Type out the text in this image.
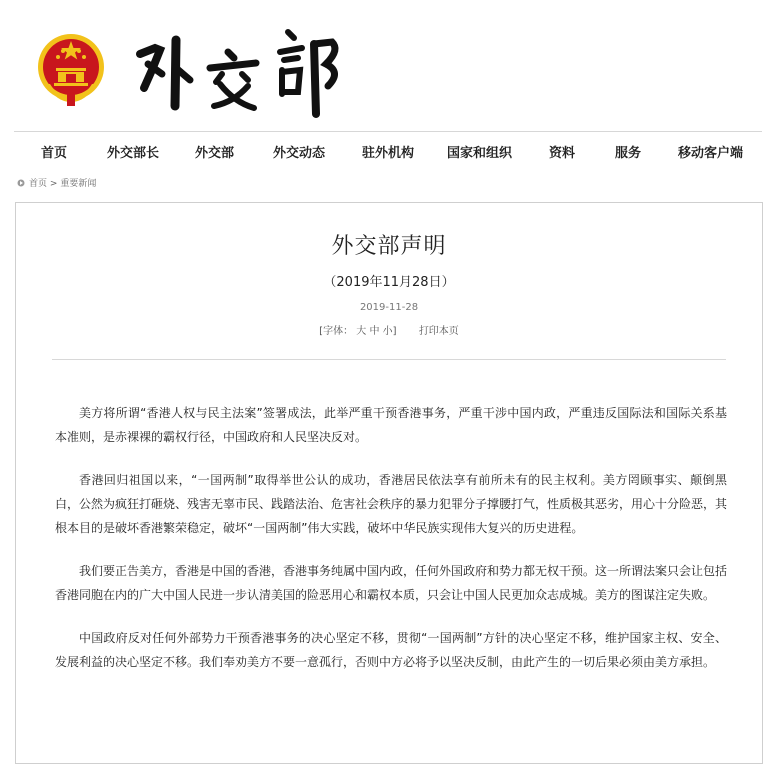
首页	外交部长	外交部	外交动态	驻外机构	国家和组织	资料	服务	移动客户端
首页 > 重要新闻
外交部声明
（2019年11月28日）
2019-11-28
[字体： 大 中 小] 打印本页

美方将所谓“香港人权与民主法案”签署成法，此举严重干预香港事务，严重干涉中国内政，严重违反国际法和国际关系基本准则，是赤裸裸的霸权行径，中国政府和人民坚决反对。

香港回归祖国以来，“一国两制”取得举世公认的成功，香港居民依法享有前所未有的民主权利。美方罔顾事实、颠倒黑白，公然为疯狂打砸烧、残害无辜市民、践踏法治、危害社会秩序的暴力犯罪分子撑腰打气，性质极其恶劣，用心十分险恶，其根本目的是破坏香港繁荣稳定，破坏“一国两制”伟大实践，破坏中华民族实现伟大复兴的历史进程。

我们要正告美方，香港是中国的香港，香港事务纯属中国内政，任何外国政府和势力都无权干预。这一所谓法案只会让包括香港同胞在内的广大中国人民进一步认清美国的险恶用心和霸权本质，只会让中国人民更加众志成城。美方的图谋注定失败。

中国政府反对任何外部势力干预香港事务的决心坚定不移，贯彻“一国两制”方针的决心坚定不移，维护国家主权、安全、发展利益的决心坚定不移。我们奉劝美方不要一意孤行，否则中方必将予以坚决反制，由此产生的一切后果必须由美方承担。
